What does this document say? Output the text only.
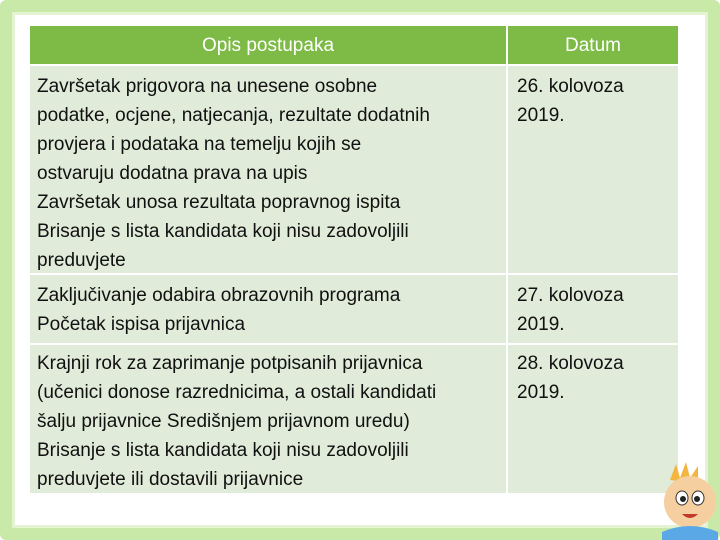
Opis postupaka	Datum
Završetak prigovora na unesene osobne
podatke, ocjene, natjecanja, rezultate dodatnih
provjera i podataka na temelju kojih se
ostvaruju dodatna prava na upis
Završetak unosa rezultata popravnog ispita
Brisanje s lista kandidata koji nisu zadovoljili
preduvjete
26. kolovoza
2019.
Zaključivanje odabira obrazovnih programa
Početak ispisa prijavnica
27. kolovoza
2019.
Krajnji rok za zaprimanje potpisanih prijavnica
(učenici donose razrednicima, a ostali kandidati
šalju prijavnice Središnjem prijavnom uredu)
Brisanje s lista kandidata koji nisu zadovoljili
preduvjete ili dostavili prijavnice
28. kolovoza
2019.
